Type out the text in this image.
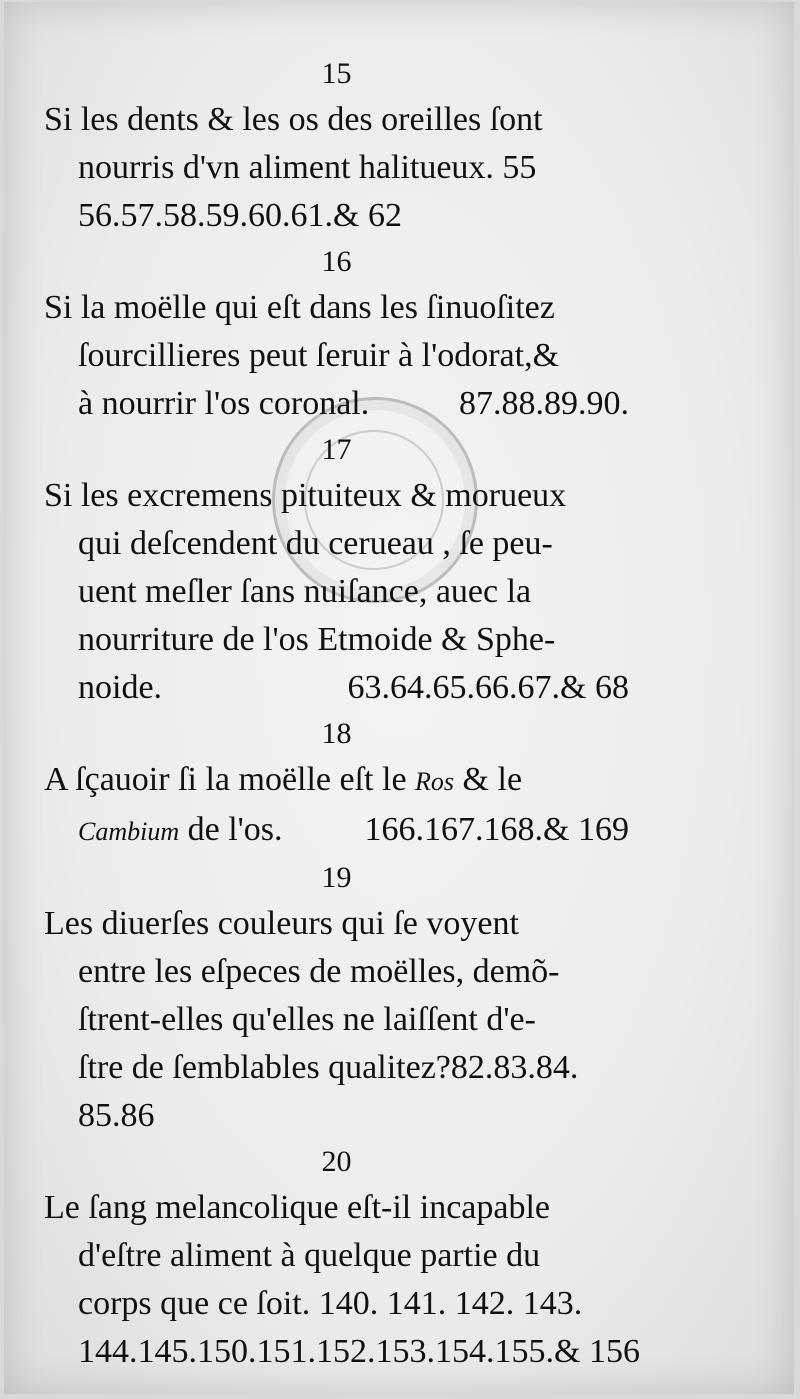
15
Si les dents & les os des oreilles ſont
nourris d'vn aliment halitueux. 55
56.57.58.59.60.61.& 62
16
Si la moëlle qui eſt dans les ſinuoſitez
ſourcillieres peut ſeruir à l'odorat,&
à nourrir l'os coronal.	87.88.89.90.
17
Si les excremens pituiteux & morueux
qui deſcendent du cerueau , ſe peu-
uent meſler ſans nuiſance, auec la
nourriture de l'os Etmoide & Sphe-
noide.	63.64.65.66.67.& 68
18
A ſçauoir ſi la moëlle eſt le Ros & le
Cambium de l'os. 166.167.168.& 169
19
Les diuerſes couleurs qui ſe voyent
entre les eſpeces de moëlles, demõ-
ſtrent-elles qu'elles ne laiſſent d'e-
ſtre de ſemblables qualitez?82.83.84.
85.86
20
Le ſang melancolique eſt-il incapable
d'eſtre aliment à quelque partie du
corps que ce ſoit. 140. 141. 142. 143.
144.145.150.151.152.153.154.155.& 156
